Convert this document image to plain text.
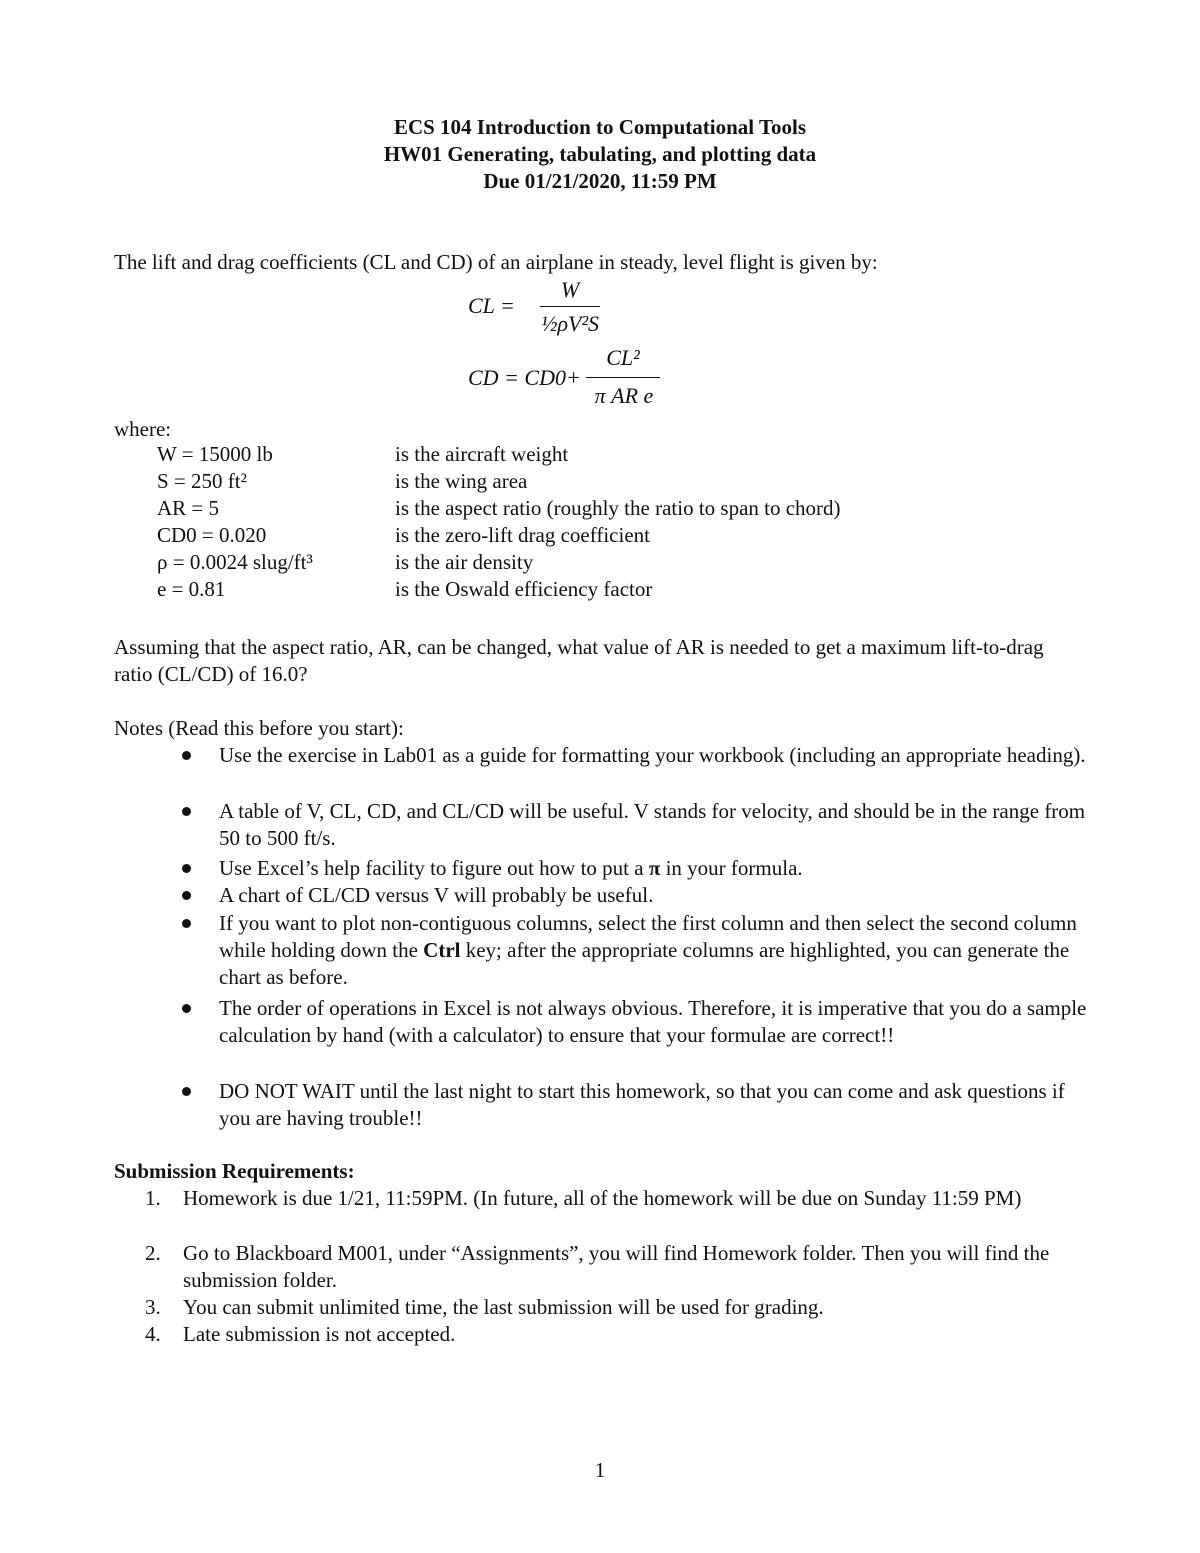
ECS 104 Introduction to Computational Tools
HW01 Generating, tabulating, and plotting data
Due 01/21/2020, 11:59 PM
The lift and drag coefficients (CL and CD) of an airplane in steady, level flight is given by:
CL =
W
½ρV²S
CD = CD0+
CL²
π AR e
where:
W = 15000 lb	is the aircraft weight
S = 250 ft²	is the wing area
AR = 5	is the aspect ratio (roughly the ratio to span to chord)
CD0 = 0.020	is the zero-lift drag coefficient
ρ = 0.0024 slug/ft³	is the air density
e = 0.81	is the Oswald efficiency factor
Assuming that the aspect ratio, AR, can be changed, what value of AR is needed to get a maximum lift-to-drag ratio (CL/CD) of 16.0?
Notes (Read this before you start):
Use the exercise in Lab01 as a guide for formatting your workbook (including an appropriate heading).
A table of V, CL, CD, and CL/CD will be useful. V stands for velocity, and should be in the range from 50 to 500 ft/s.
Use Excel’s help facility to figure out how to put a π in your formula.
A chart of CL/CD versus V will probably be useful.
If you want to plot non-contiguous columns, select the first column and then select the second column while holding down the Ctrl key; after the appropriate columns are highlighted, you can generate the chart as before.
The order of operations in Excel is not always obvious. Therefore, it is imperative that you do a sample calculation by hand (with a calculator) to ensure that your formulae are correct!!
DO NOT WAIT until the last night to start this homework, so that you can come and ask questions if you are having trouble!!
Submission Requirements:
1. Homework is due 1/21, 11:59PM. (In future, all of the homework will be due on Sunday 11:59 PM)
2. Go to Blackboard M001, under “Assignments”, you will find Homework folder. Then you will find the submission folder.
3. You can submit unlimited time, the last submission will be used for grading.
4. Late submission is not accepted.
1
